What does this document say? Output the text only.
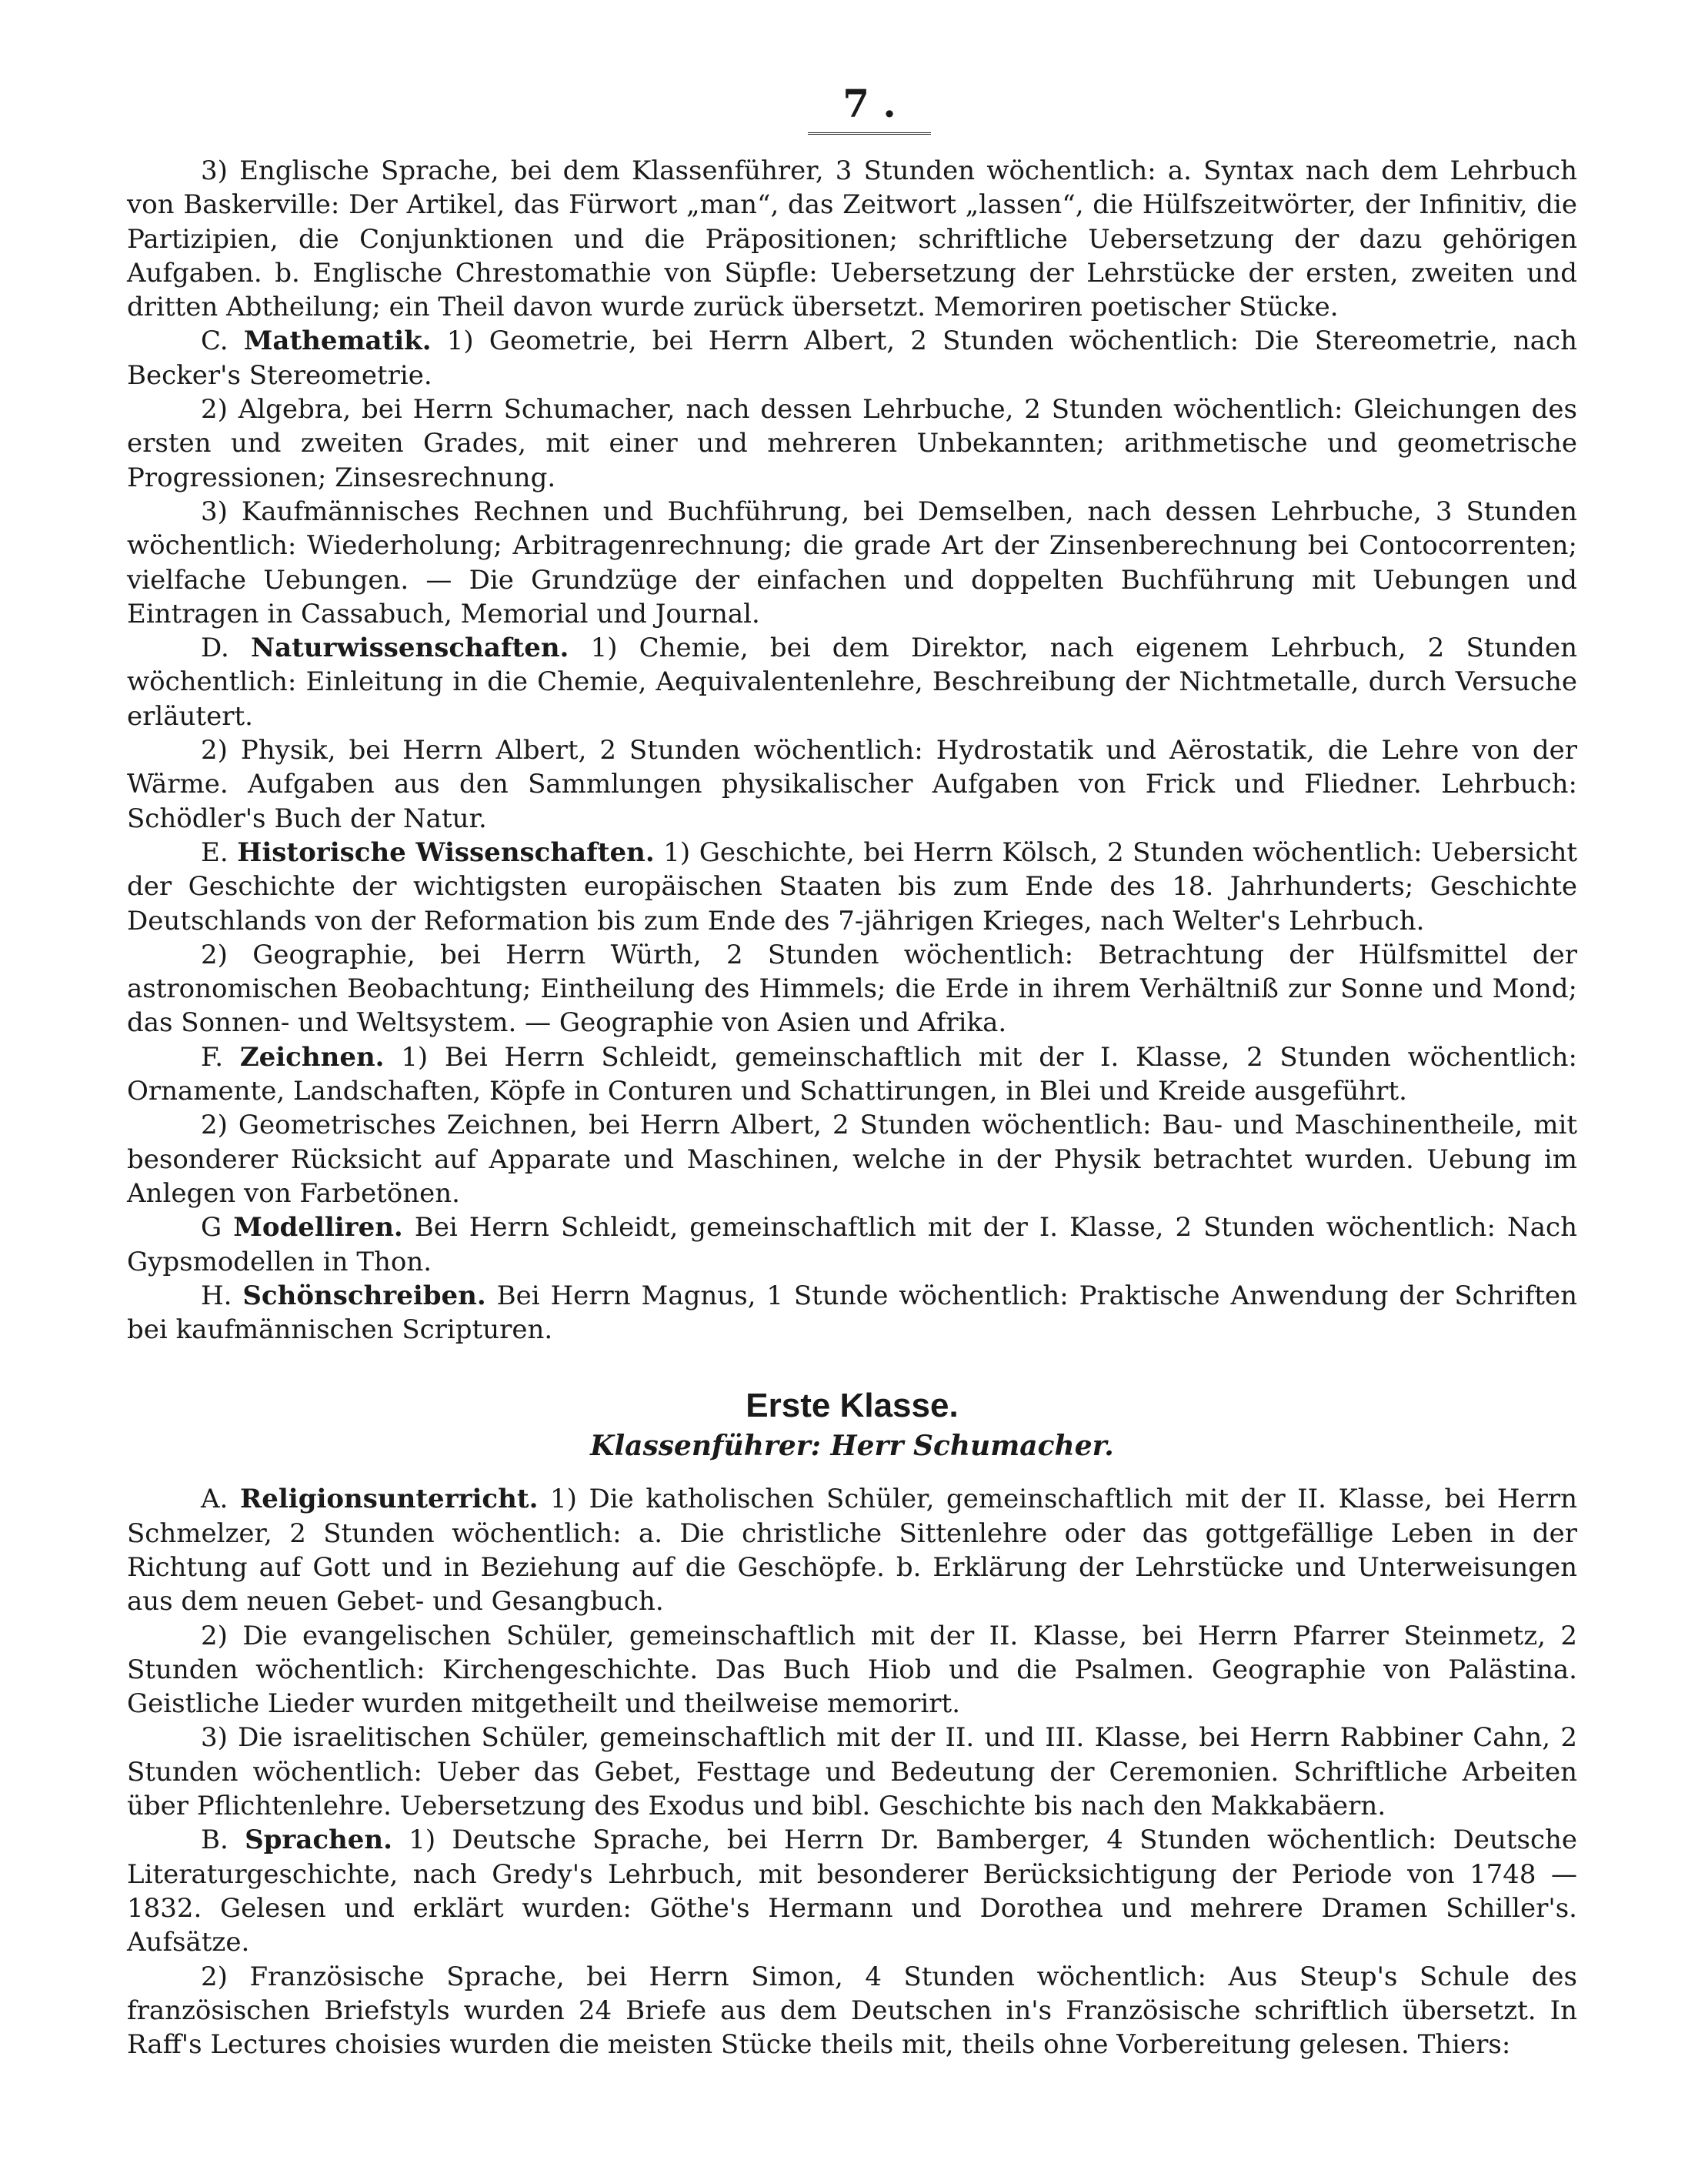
7 .

3) Englische Sprache, bei dem Klassenführer, 3 Stunden wöchentlich: a. Syntax nach dem Lehrbuch von Baskerville: Der Artikel, das Fürwort „man“, das Zeitwort „lassen“, die Hülfszeitwörter, der Infinitiv, die Partizipien, die Conjunktionen und die Präpositionen; schriftliche Uebersetzung der dazu gehörigen Aufgaben. b. Englische Chrestomathie von Süpfle: Uebersetzung der Lehrstücke der ersten, zweiten und dritten Abtheilung; ein Theil davon wurde zurück übersetzt. Memoriren poetischer Stücke.

C. Mathematik. 1) Geometrie, bei Herrn Albert, 2 Stunden wöchentlich: Die Stereometrie, nach Becker's Stereometrie.

2) Algebra, bei Herrn Schumacher, nach dessen Lehrbuche, 2 Stunden wöchentlich: Gleichungen des ersten und zweiten Grades, mit einer und mehreren Unbekannten; arithmetische und geometrische Progressionen; Zinsesrechnung.

3) Kaufmännisches Rechnen und Buchführung, bei Demselben, nach dessen Lehrbuche, 3 Stunden wöchentlich: Wiederholung; Arbitragenrechnung; die grade Art der Zinsenberechnung bei Contocorrenten; vielfache Uebungen. — Die Grundzüge der einfachen und doppelten Buchführung mit Uebungen und Eintragen in Cassabuch, Memorial und Journal.

D. Naturwissenschaften. 1) Chemie, bei dem Direktor, nach eigenem Lehrbuch, 2 Stunden wöchentlich: Einleitung in die Chemie, Aequivalentenlehre, Beschreibung der Nichtmetalle, durch Versuche erläutert.

2) Physik, bei Herrn Albert, 2 Stunden wöchentlich: Hydrostatik und Aërostatik, die Lehre von der Wärme. Aufgaben aus den Sammlungen physikalischer Aufgaben von Frick und Fliedner. Lehrbuch: Schödler's Buch der Natur.

E. Historische Wissenschaften. 1) Geschichte, bei Herrn Kölsch, 2 Stunden wöchentlich: Uebersicht der Geschichte der wichtigsten europäischen Staaten bis zum Ende des 18. Jahrhunderts; Geschichte Deutschlands von der Reformation bis zum Ende des 7-jährigen Krieges, nach Welter's Lehrbuch.

2) Geographie, bei Herrn Würth, 2 Stunden wöchentlich: Betrachtung der Hülfsmittel der astronomischen Beobachtung; Eintheilung des Himmels; die Erde in ihrem Verhältniß zur Sonne und Mond; das Sonnen- und Weltsystem. — Geographie von Asien und Afrika.

F. Zeichnen. 1) Bei Herrn Schleidt, gemeinschaftlich mit der I. Klasse, 2 Stunden wöchentlich: Ornamente, Landschaften, Köpfe in Conturen und Schattirungen, in Blei und Kreide ausgeführt.

2) Geometrisches Zeichnen, bei Herrn Albert, 2 Stunden wöchentlich: Bau- und Maschinentheile, mit besonderer Rücksicht auf Apparate und Maschinen, welche in der Physik betrachtet wurden. Uebung im Anlegen von Farbetönen.

G Modelliren. Bei Herrn Schleidt, gemeinschaftlich mit der I. Klasse, 2 Stunden wöchentlich: Nach Gypsmodellen in Thon.

H. Schönschreiben. Bei Herrn Magnus, 1 Stunde wöchentlich: Praktische Anwendung der Schriften bei kaufmännischen Scripturen.

Erste Klasse.
Klassenführer: Herr Schumacher.

A. Religionsunterricht. 1) Die katholischen Schüler, gemeinschaftlich mit der II. Klasse, bei Herrn Schmelzer, 2 Stunden wöchentlich: a. Die christliche Sittenlehre oder das gottgefällige Leben in der Richtung auf Gott und in Beziehung auf die Geschöpfe. b. Erklärung der Lehrstücke und Unterweisungen aus dem neuen Gebet- und Gesangbuch.

2) Die evangelischen Schüler, gemeinschaftlich mit der II. Klasse, bei Herrn Pfarrer Steinmetz, 2 Stunden wöchentlich: Kirchengeschichte. Das Buch Hiob und die Psalmen. Geographie von Palästina. Geistliche Lieder wurden mitgetheilt und theilweise memorirt.

3) Die israelitischen Schüler, gemeinschaftlich mit der II. und III. Klasse, bei Herrn Rabbiner Cahn, 2 Stunden wöchentlich: Ueber das Gebet, Festtage und Bedeutung der Ceremonien. Schriftliche Arbeiten über Pflichtenlehre. Uebersetzung des Exodus und bibl. Geschichte bis nach den Makkabäern.

B. Sprachen. 1) Deutsche Sprache, bei Herrn Dr. Bamberger, 4 Stunden wöchentlich: Deutsche Literaturgeschichte, nach Gredy's Lehrbuch, mit besonderer Berücksichtigung der Periode von 1748 —1832. Gelesen und erklärt wurden: Göthe's Hermann und Dorothea und mehrere Dramen Schiller's. Aufsätze.

2) Französische Sprache, bei Herrn Simon, 4 Stunden wöchentlich: Aus Steup's Schule des französischen Briefstyls wurden 24 Briefe aus dem Deutschen in's Französische schriftlich übersetzt. In Raff's Lectures choisies wurden die meisten Stücke theils mit, theils ohne Vorbereitung gelesen. Thiers:
